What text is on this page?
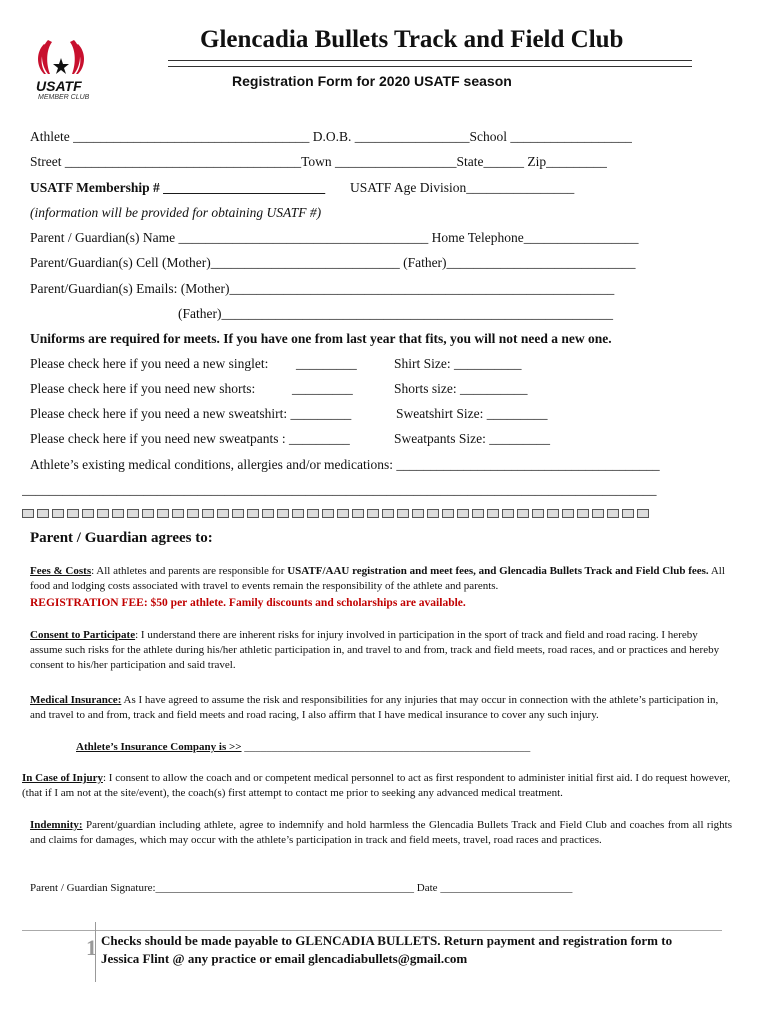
USATF
MEMBER CLUB
Glencadia Bullets Track and Field Club
Registration Form for 2020 USATF season
Athlete ___________________________________ D.O.B. _________________School __________________
Street ___________________________________Town __________________State______ Zip_________
USATF Membership # ________________________ USATF Age Division________________
(information will be provided for obtaining USATF #)
Parent / Guardian(s) Name _____________________________________ Home Telephone_________________
Parent/Guardian(s) Cell (Mother)____________________________ (Father)____________________________
Parent/Guardian(s) Emails: (Mother)_________________________________________________________
(Father)__________________________________________________________
Uniforms are required for meets. If you have one from last year that fits, you will not need a new one.
Please check here if you need a new singlet: _________	Shirt Size: __________
Please check here if you need new shorts:	_________	Shorts size: __________
Please check here if you need a new sweatshirt: _________	Sweatshirt Size: _________
Please check here if you need new sweatpants : _________	Sweatpants Size: _________
Athlete’s existing medical conditions, allergies and/or medications: _______________________________________
______________________________________________________________________________________________
Parent / Guardian agrees to:
Fees & Costs: All athletes and parents are responsible for USATF/AAU registration and meet fees, and Glencadia Bullets Track and Field Club fees. All food and lodging costs associated with travel to events remain the responsibility of the athlete and parents.
REGISTRATION FEE: $50 per athlete. Family discounts and scholarships are available.
Consent to Participate: I understand there are inherent risks for injury involved in participation in the sport of track and field and road racing. I hereby assume such risks for the athlete during his/her athletic participation in, and travel to and from, track and field meets, road races, and or practices and hereby consent to his/her participation and said travel.
Medical Insurance: As I have agreed to assume the risk and responsibilities for any injuries that may occur in connection with the athlete’s participation in, and travel to and from, track and field meets and road racing, I also affirm that I have medical insurance to cover any such injury.
Athlete’s Insurance Company is >> ____________________________________________________
In Case of Injury: I consent to allow the coach and or competent medical personnel to act as first respondent to administer initial first aid. I do request however, (that if I am not at the site/event), the coach(s) first attempt to contact me prior to seeking any advanced medical treatment.
Indemnity: Parent/guardian including athlete, agree to indemnify and hold harmless the Glencadia Bullets Track and Field Club and coaches from all rights and claims for damages, which may occur with the athlete’s participation in track and field meets, travel, road races and practices.
Parent / Guardian Signature:_______________________________________________ Date ________________________
1 Checks should be made payable to GLENCADIA BULLETS. Return payment and registration form to
Jessica Flint @ any practice or email glencadiabullets@gmail.com
